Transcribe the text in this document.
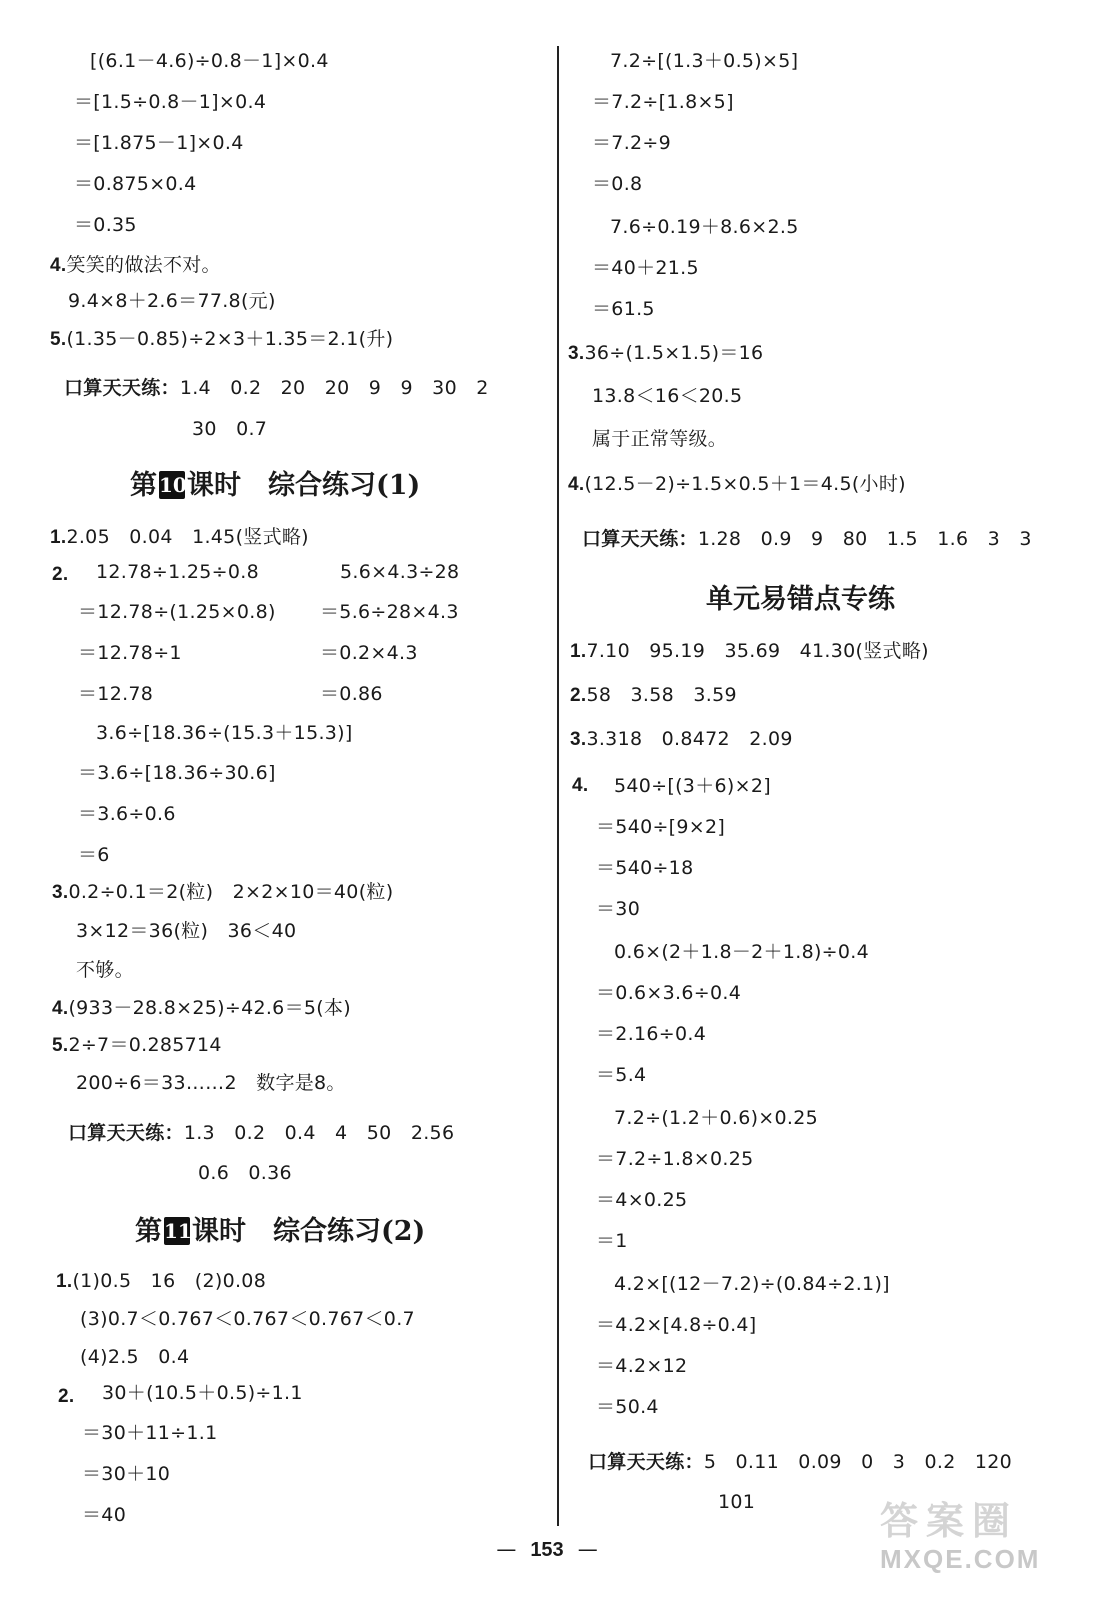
[(6.1－4.6)÷0.8－1]×0.4
＝[1.5÷0.8－1]×0.4
＝[1.875－1]×0.4
＝0.875×0.4
＝0.35
4.笑笑的做法不对。
9.4×8＋2.6＝77.8(元)
5.(1.35－0.85)÷2×3＋1.35＝2.1(升)
口算天天练：1.4　0.2　20　20　9　9　30　2
30　0.7
第 10课时　综合练习(1)
1.2.05　0.04　1.45(竖式略)
2. 12.78÷1.25÷0.8
＝12.78÷(1.25×0.8)
＝12.78÷1
＝12.78
5.6×4.3÷28
＝5.6÷28×4.3
＝0.2×4.3
＝0.86
3.6÷[18.36÷(15.3＋15.3)]
＝3.6÷[18.36÷30.6]
＝3.6÷0.6
＝6
3.0.2÷0.1＝2(粒)　2×2×10＝40(粒)
3×12＝36(粒)　36＜40
不够。
4.(933－28.8×25)÷42.6＝5(本)
5.2÷7＝0.285714
200÷6＝33……2　数字是8。
口算天天练：1.3　0.2　0.4　4　50　2.56
0.6　0.36
第 11课时　综合练习(2)
1.(1)0.5　16　(2)0.08
(3)0.7＜0.767＜0.767＜0.767＜0.7
(4)2.5　0.4
2. 30＋(10.5＋0.5)÷1.1
＝30＋11÷1.1
＝30＋10
＝40
7.2÷[(1.3＋0.5)×5]
＝7.2÷[1.8×5]
＝7.2÷9
＝0.8
7.6÷0.19＋8.6×2.5
＝40＋21.5
＝61.5
3.36÷(1.5×1.5)＝16
13.8＜16＜20.5
属于正常等级。
4.(12.5－2)÷1.5×0.5＋1＝4.5(小时)
口算天天练：1.28　0.9　9　80　1.5　1.6　3　3
单元易错点专练
1.7.10　95.19　35.69　41.30(竖式略)
2.58　3.58　3.59
3.3.318　0.8472　2.09
4. 540÷[(3＋6)×2]
＝540÷[9×2]
＝540÷18
＝30
0.6×(2＋1.8－2＋1.8)÷0.4
＝0.6×3.6÷0.4
＝2.16÷0.4
＝5.4
7.2÷(1.2＋0.6)×0.25
＝7.2÷1.8×0.25
＝4×0.25
＝1
4.2×[(12－7.2)÷(0.84÷2.1)]
＝4.2×[4.8÷0.4]
＝4.2×12
＝50.4
口算天天练：5　0.11　0.09　0　3　0.2　120
101
— 153 —
答案圈
MXQE.COM
